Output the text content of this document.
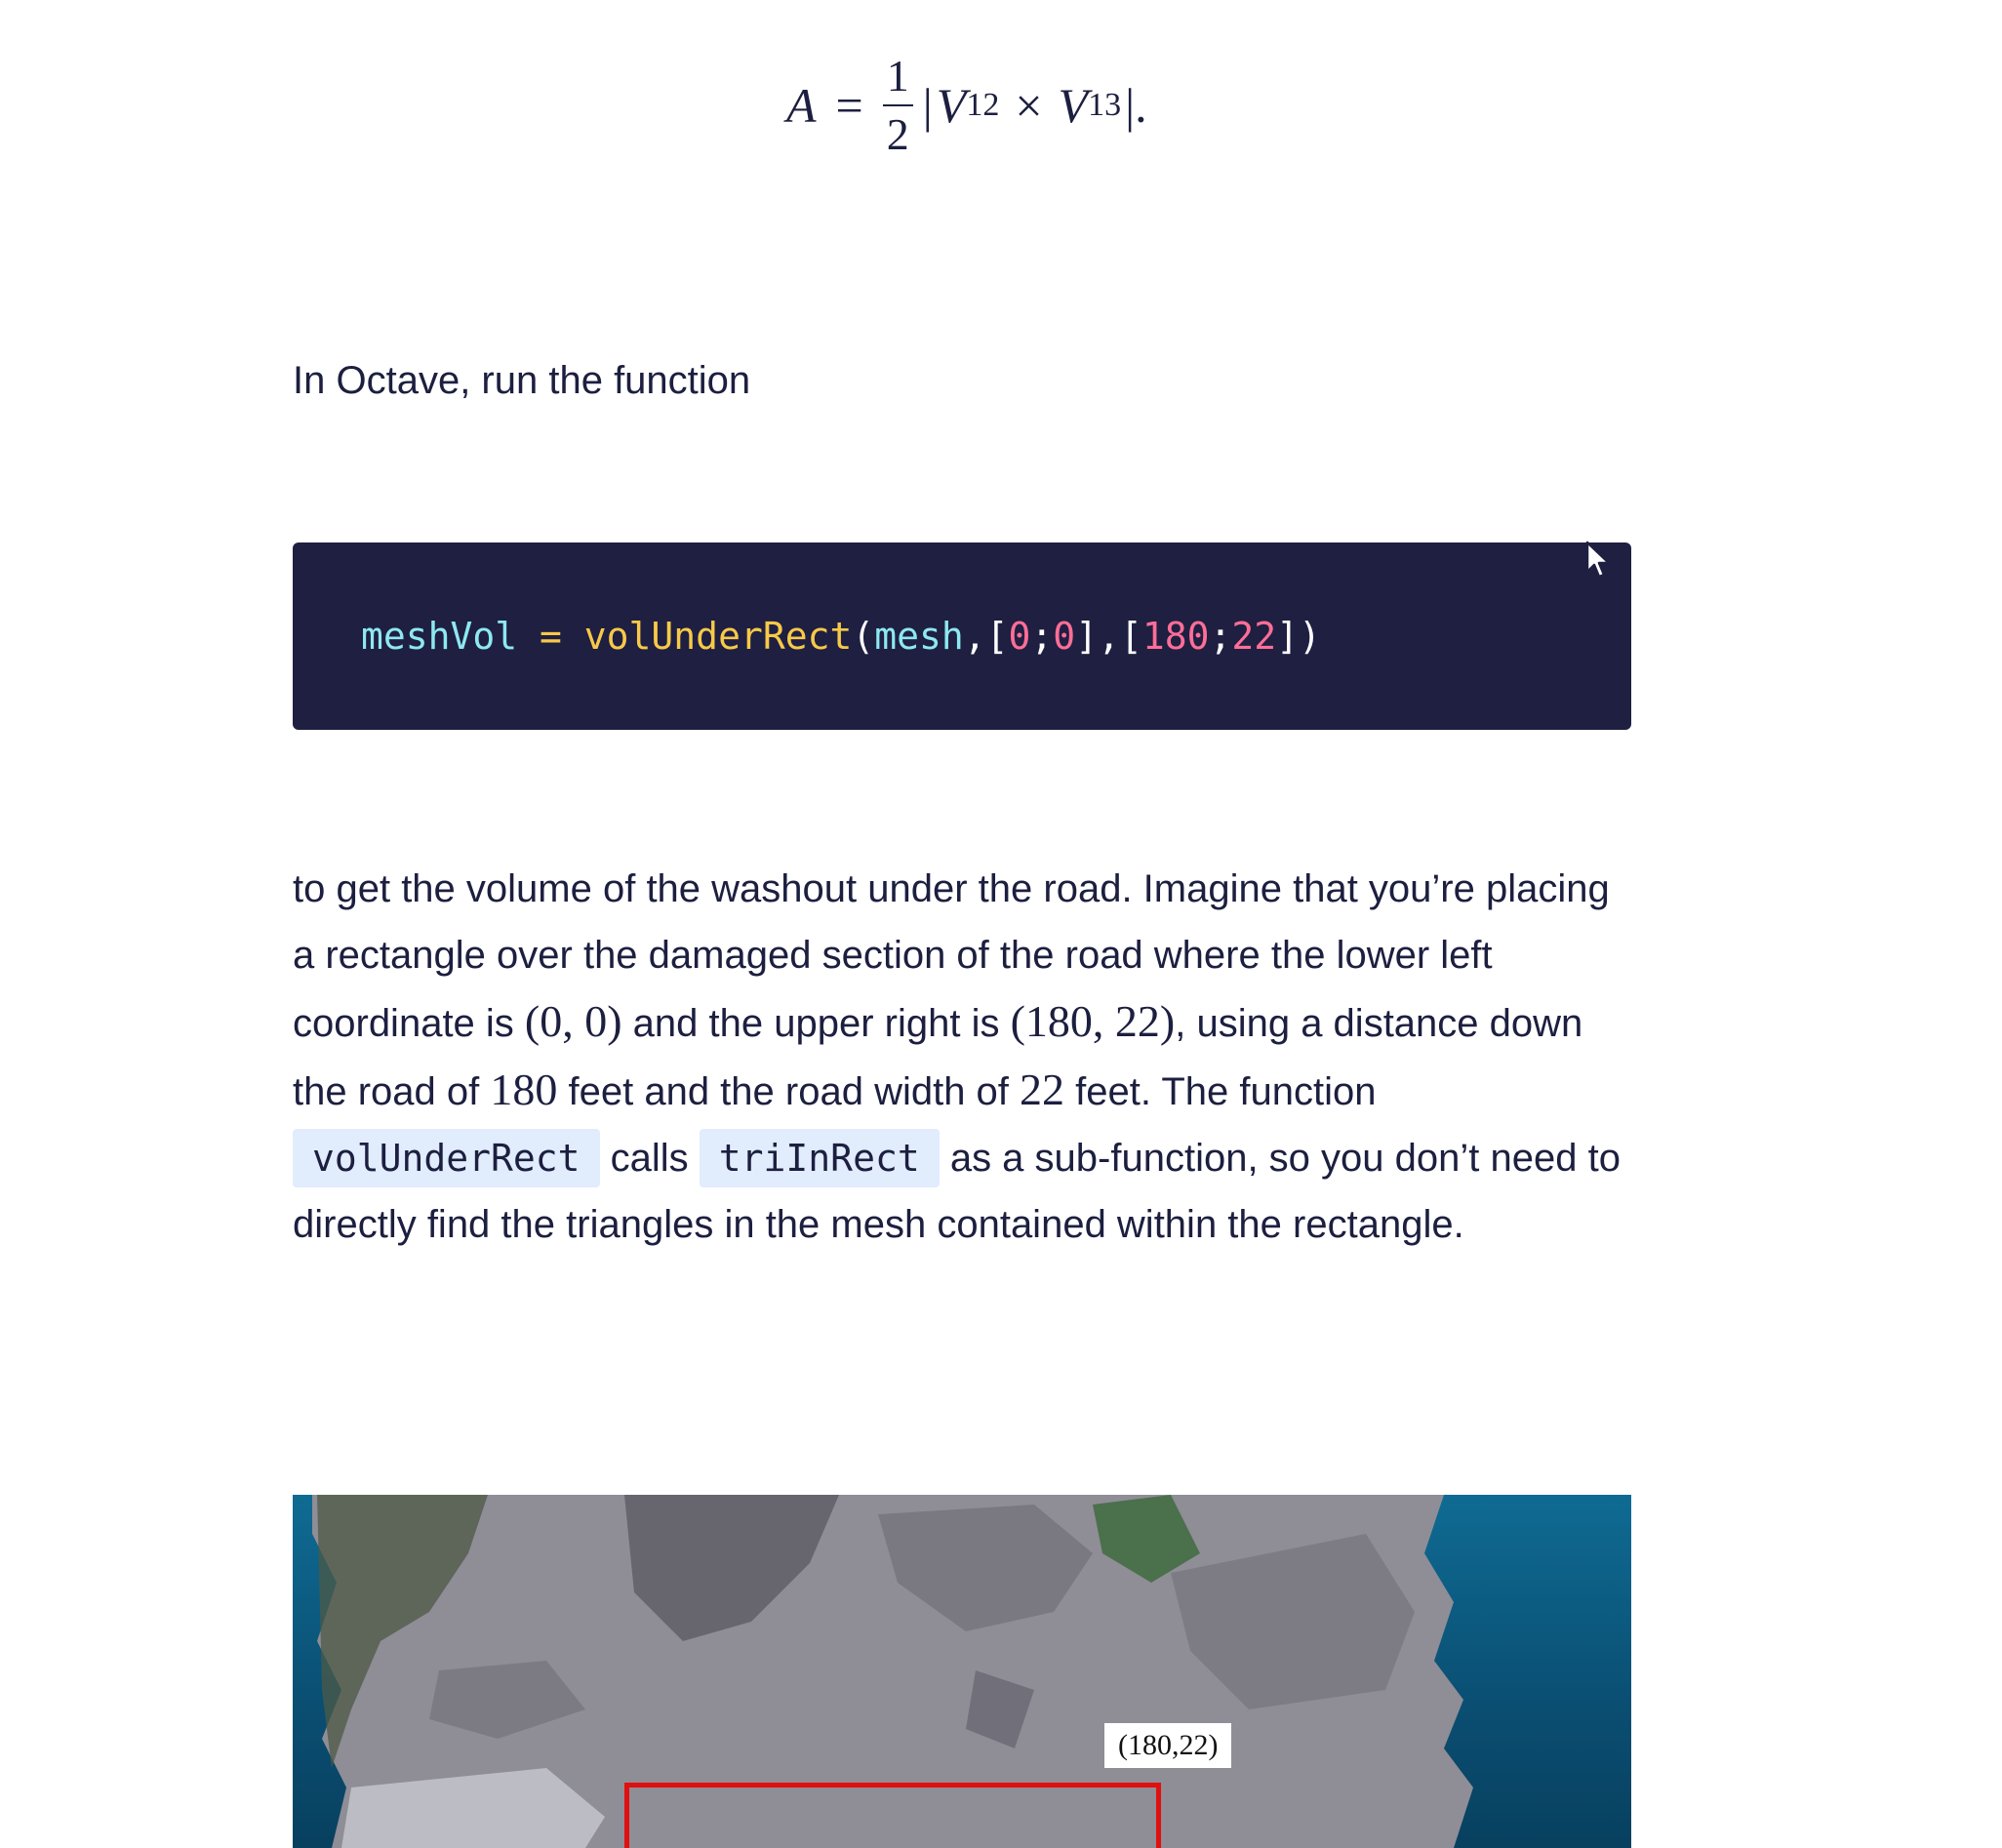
$A = \frac{1}{2}$ | V 12 × V 13 |.
In Octave, run the function
meshVol = volUnderRect ( mesh ,[ 0 ; 0 ],[ 180 ; 22 ])
to get the volume of the washout under the road. Imagine that you’re placing a rectangle over the damaged section of the road where the lower left coordinate is (0, 0) and the upper right is (180, 22), using a distance down the road of 180 feet and the road width of 22 feet. The function volUnderRect calls triInRect as a sub-function, so you don’t need to directly find the triangles in the mesh contained within the rectangle.
(180,22)
